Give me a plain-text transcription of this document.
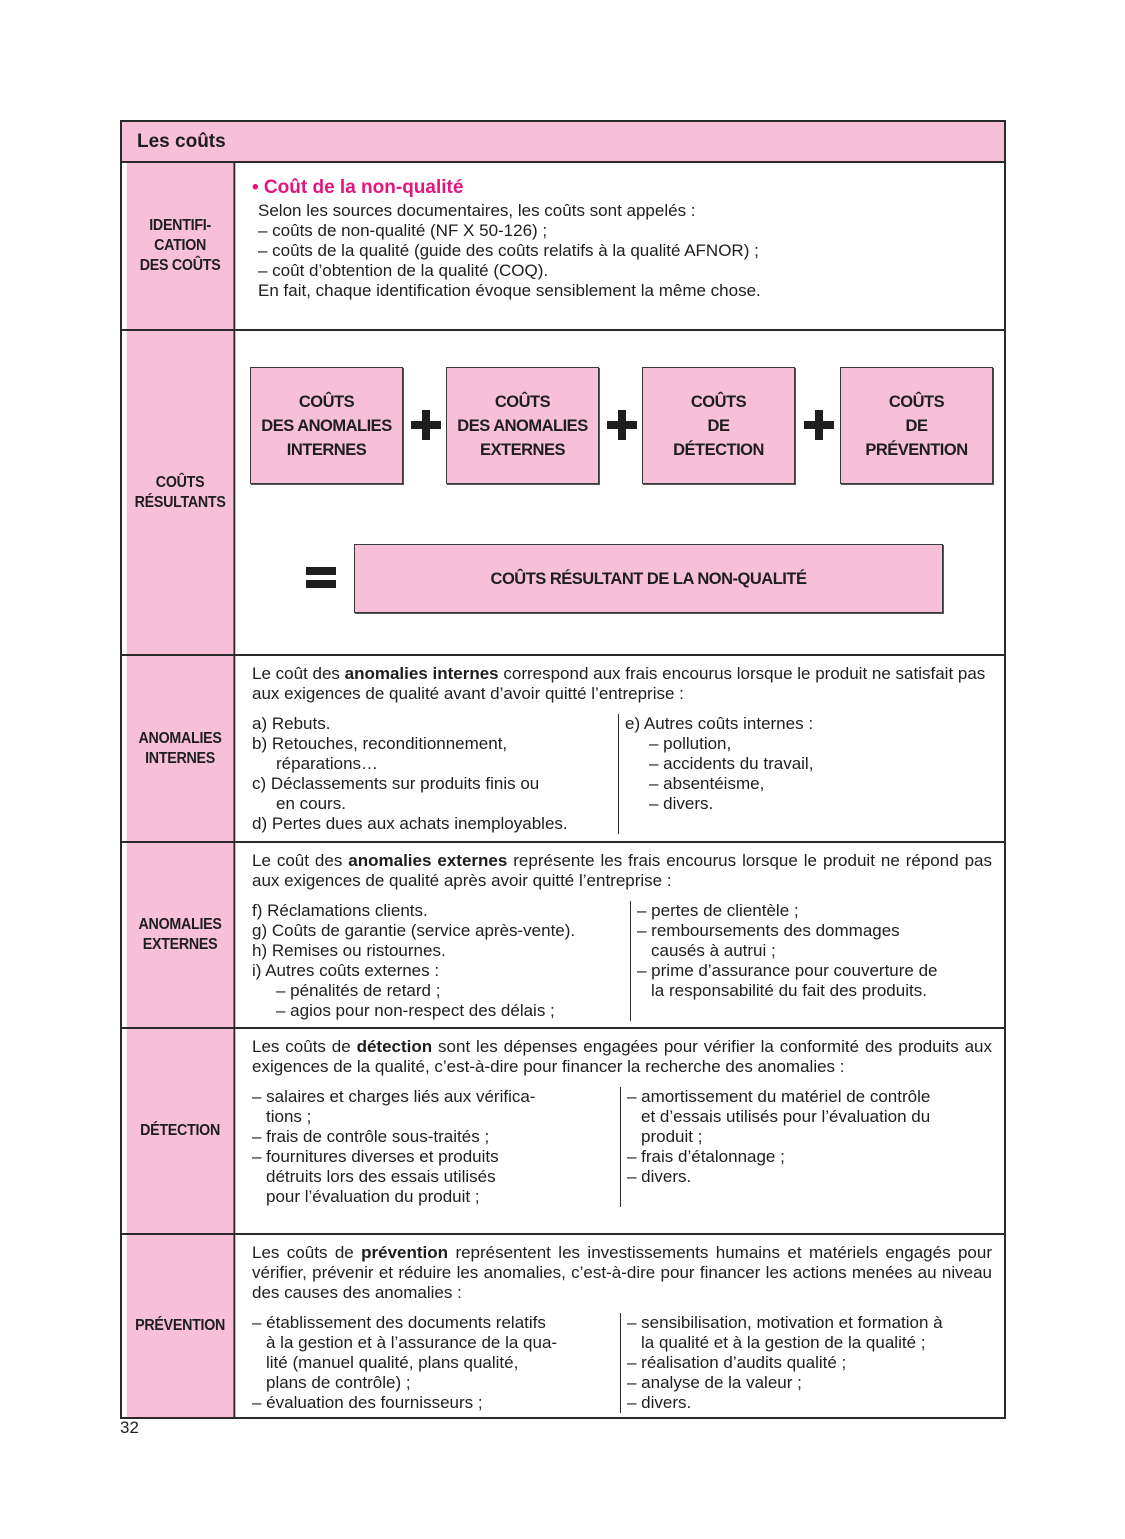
Les coûts
IDENTIFI-
CATION
DES COÛTS
• Coût de la non-qualité
Selon les sources documentaires, les coûts sont appelés :
– coûts de non-qualité (NF X 50-126) ;
– coûts de la qualité (guide des coûts relatifs à la qualité AFNOR) ;
– coût d’obtention de la qualité (COQ).
En fait, chaque identification évoque sensiblement la même chose.
COÛTS
RÉSULTANTS
COÛTS
DES ANOMALIES
INTERNES
COÛTS
DES ANOMALIES
EXTERNES
COÛTS
DE
DÉTECTION
COÛTS
DE
PRÉVENTION
COÛTS RÉSULTANT DE LA NON-QUALITÉ
ANOMALIES
INTERNES
Le coût des anomalies internes correspond aux frais encourus lorsque le produit ne satisfait pas aux exigences de qualité avant d’avoir quitté l’entreprise :
a) Rebuts.
b) Retouches, reconditionnement,
réparations…
c) Déclassements sur produits finis ou
en cours.
d) Pertes dues aux achats inemployables.
e) Autres coûts internes :
– pollution,
– accidents du travail,
– absentéisme,
– divers.
ANOMALIES
EXTERNES
Le coût des anomalies externes représente les frais encourus lorsque le produit ne répond pas aux exigences de qualité après avoir quitté l’entreprise :
f) Réclamations clients.
g) Coûts de garantie (service après-vente).
h) Remises ou ristournes.
i) Autres coûts externes :
– pénalités de retard ;
– agios pour non-respect des délais ;
– pertes de clientèle ;
– remboursements des dommages
causés à autrui ;
– prime d’assurance pour couverture de
la responsabilité du fait des produits.
DÉTECTION
Les coûts de détection sont les dépenses engagées pour vérifier la conformité des produits aux exigences de la qualité, c’est-à-dire pour financer la recherche des anomalies :
– salaires et charges liés aux vérifica-
tions ;
– frais de contrôle sous-traités ;
– fournitures diverses et produits
détruits lors des essais utilisés
pour l’évaluation du produit ;
– amortissement du matériel de contrôle
et d’essais utilisés pour l’évaluation du
produit ;
– frais d’étalonnage ;
– divers.
PRÉVENTION
Les coûts de prévention représentent les investissements humains et matériels engagés pour vérifier, prévenir et réduire les anomalies, c’est-à-dire pour financer les actions menées au niveau des causes des anomalies :
– établissement des documents relatifs
à la gestion et à l’assurance de la qua-
lité (manuel qualité, plans qualité,
plans de contrôle) ;
– évaluation des fournisseurs ;
– sensibilisation, motivation et formation à
la qualité et à la gestion de la qualité ;
– réalisation d’audits qualité ;
– analyse de la valeur ;
– divers.
32
